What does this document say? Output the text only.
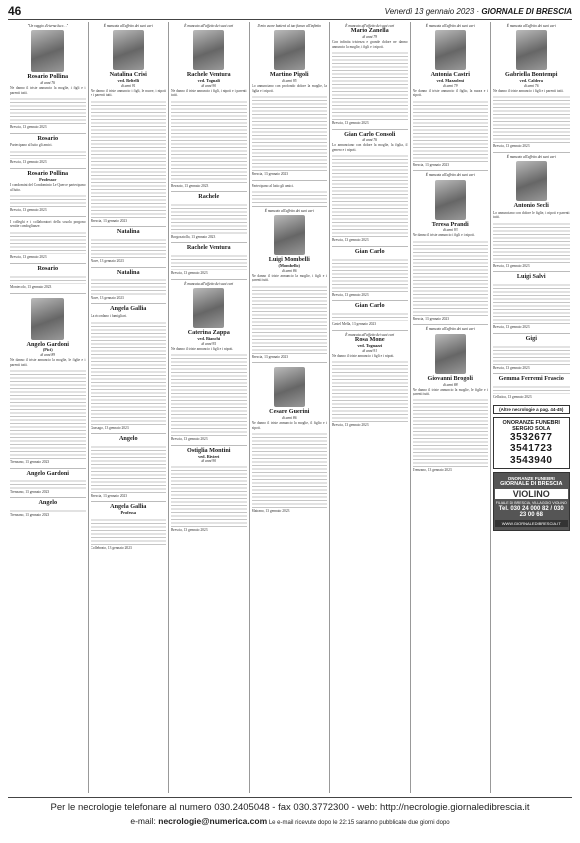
46	Venerdì 13 gennaio 2023 · GIORNALE DI BRESCIA
"Un raggio d'eterna luce…"
Rosario Pollina
di anni 76
Ne danno il triste annuncio la moglie, i figli e i parenti tutti.
Brescia, 13 gennaio 2023
Rosario
Partecipano al lutto gli amici.
Brescia, 13 gennaio 2023
Rosario Pollina
Professor
I condomini del Condominio Le Querce partecipano al lutto.
Brescia, 13 gennaio 2023
I colleghi e i collaboratori della scuola porgono sentite condoglianze.
Brescia, 13 gennaio 2023
Rosario
Montecolo, 13 gennaio 2023
Angelo Gardoni
(Pici)
di anni 89
Ne danno il triste annuncio la moglie, le figlie e i parenti tutti.
Trenzano, 13 gennaio 2023
Angelo Gardoni
Trenzano, 13 gennaio 2023
Angelo
Trenzano, 13 gennaio 2023
È mancata all'affetto dei suoi cari
Natalina Crisi
ved. Beltelli
di anni 91
Ne danno il triste annuncio i figli, le nuore, i nipoti e i parenti tutti.
Brescia, 13 gennaio 2023
Natalina
Nave, 13 gennaio 2023
Natalina
Nave, 13 gennaio 2023
Angela Gallia
La ricordano i famigliari.
Gussago, 13 gennaio 2023
Angelo
Brescia, 13 gennaio 2023
Angela Gallia
Professa
Collebeato, 13 gennaio 2023
È mancato all'affetto dei suoi cari
Rachele Ventura
ved. Tognali
di anni 90
Ne danno il triste annuncio i figli, i nipoti e i parenti tutti.
Rezzato, 13 gennaio 2023
Rachele
Borgosatollo, 13 gennaio 2023
Rachele Ventura
Brescia, 13 gennaio 2023
È mancata all'affetto dei suoi cari
Caterina Zappa
ved. Bianchi
di anni 95
Ne danno il triste annuncio i figli e i nipoti.
Brescia, 13 gennaio 2023
Ostiglia Montini
ved. Rivieri
di anni 90
Brescia, 13 gennaio 2023
Il mio cuore batterà al tuo fianco all'infinito
Martino Pigoli
di anni 95
Lo annunciano con profondo dolore la moglie, la figlia e i nipoti.
Brescia, 13 gennaio 2023
Partecipano al lutto gli amici.
È mancato all'affetto dei suoi cari
Luigi Mombelli
(Mombello)
di anni 86
Ne danno il triste annuncio la moglie, i figli e i parenti tutti.
Brescia, 13 gennaio 2023
Cesare Guerini
di anni 86
Ne danno il triste annuncio la moglie, il figlio e i nipoti.
Mairano, 13 gennaio 2023
È mancato all'affetto dei suoi cari
Mario Zanella
di anni 79
Con infinita tristezza e grande dolore ne danno annuncio la moglie, i figli e i nipoti.
Brescia, 13 gennaio 2023
Gian Carlo Consoli
di anni 76
Lo annunciano con dolore la moglie, la figlia, il genero e i nipoti.
Brescia, 13 gennaio 2023
Gian Carlo
Brescia, 13 gennaio 2023
Gian Carlo
Castel Mella, 13 gennaio 2023
È mancata all'affetto dei suoi cari
Rosa Mone
ved. Tognazzi
di anni 91
Ne danno il triste annuncio i figli e i nipoti.
Brescia, 13 gennaio 2023
È mancata all'affetto dei suoi cari
Antonia Castri
ved. Mazzoleni
di anni 79
Ne danno il triste annuncio il figlio, la nuora e i nipoti.
Brescia, 13 gennaio 2023
È mancata all'affetto dei suoi cari
Teresa Prandi
di anni 93
Ne danno il triste annuncio i figli e i nipoti.
Brescia, 13 gennaio 2023
È mancato all'affetto dei suoi cari
Giovanni Brogoli
di anni 88
Ne danno il triste annuncio la moglie, le figlie e i parenti tutti.
Trenzano, 13 gennaio 2023
È mancata all'affetto dei suoi cari
Gabriella Bontempi
ved. Caldera
di anni 76
Ne danno il triste annuncio i figli e i parenti tutti.
Brescia, 13 gennaio 2023
È mancato all'affetto dei suoi cari
Antonio Secli
Lo annunciano con dolore le figlie, i nipoti e parenti tutti.
Brescia, 13 gennaio 2023
Luigi Salvi
Brescia, 13 gennaio 2023
Gigi
Brescia, 13 gennaio 2023
Gemma Ferremi Frascio
Cellatica, 13 gennaio 2023
(Altre necrologie a pag. 44-45)
ONORANZE FUNEBRI SERGIO SOLA
3532677
3541723
3543940
ONORANZE FUNEBRI
GIORNALE DI BRESCIA
VIOLINO
FILIALE DI BRESCIA, VILLAGGIO VIOLINO
Tel. 030 24 000 82 / 030 23 00 68
WWW.GIORNALEDIBRESCIA.IT
Per le necrologie telefonare al numero 030.2405048 - fax 030.3772300 - web: http://necrologie.giornaledibrescia.it
e-mail: necrologie@numerica.com Le e-mail ricevute dopo le 22:15 saranno pubblicate due giorni dopo
